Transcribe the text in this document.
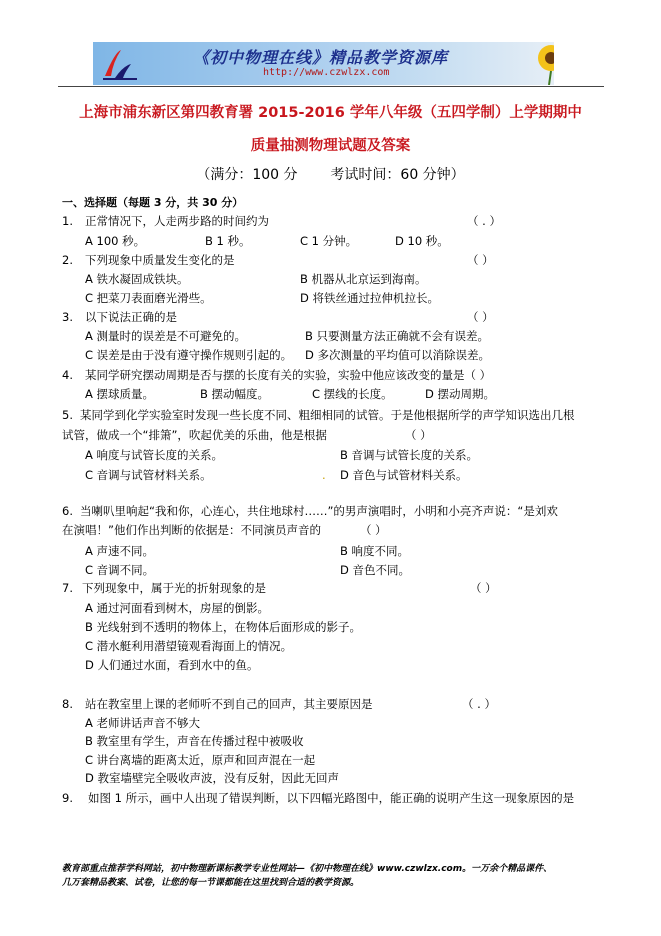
《初中物理在线》精品教学资源库
http://www.czwlzx.com
上海市浦东新区第四教育署 2015-2016 学年八年级（五四学制）上学期期中
质量抽测物理试题及答案
（满分：100 分 考试时间：60 分钟）
一、选择题（每题 3 分，共 30 分）
1. 正常情况下，人走两步路的时间约为	（ . ）
A 100 秒。	B 1 秒。	C 1 分钟。	D 10 秒。
2. 下列现象中质量发生变化的是	（ ）
A 铁水凝固成铁块。	B 机器从北京运到海南。
C 把菜刀表面磨光滑些。	D 将铁丝通过拉伸机拉长。
3. 以下说法正确的是	（ ）
A 测量时的误差是不可避免的。	B 只要测量方法正确就不会有误差。
C 误差是由于没有遵守操作规则引起的。 D 多次测量的平均值可以消除误差。
4. 某同学研究摆动周期是否与摆的长度有关的实验，实验中他应该改变的量是（ ）
A 摆球质量。	B 摆动幅度。	C 摆线的长度。	D 摆动周期。
5. 某同学到化学实验室时发现一些长度不同、粗细相同的试管。于是他根据所学的声学知识选出几根
试管，做成一个“排箫”，吹起优美的乐曲，他是根据	（ ）
A 响度与试管长度的关系。	B 音调与试管长度的关系。
C 音调与试管材料关系。	. D 音色与试管材料关系。
6. 当喇叭里响起“我和你，心连心，共住地球村……”的男声演唱时，小明和小亮齐声说：“是刘欢
在演唱！”他们作出判断的依据是：不同演员声音的	（ ）
A 声速不同。	B 响度不同。
C 音调不同。	D 音色不同。
7. 下列现象中，属于光的折射现象的是	（ ）
A 通过河面看到树木，房屋的倒影。
B 光线射到不透明的物体上，在物体后面形成的影子。
C 潜水艇利用潜望镜观看海面上的情况。
D 人们通过水面，看到水中的鱼。
8. 站在教室里上课的老师听不到自己的回声，其主要原因是	（ . ）
A 老师讲话声音不够大
B 教室里有学生，声音在传播过程中被吸收
C 讲台离墙的距离太近，原声和回声混在一起
D 教室墙壁完全吸收声波，没有反射，因此无回声
9. 如图 1 所示，画中人出现了错误判断，以下四幅光路图中，能正确的说明产生这一现象原因的是
教育部重点推荐学科网站，初中物理新课标教学专业性网站—《初中物理在线》www.czwlzx.com。一万余个精品课件、
几万套精品教案、试卷，让您的每一节课都能在这里找到合适的教学资源。
